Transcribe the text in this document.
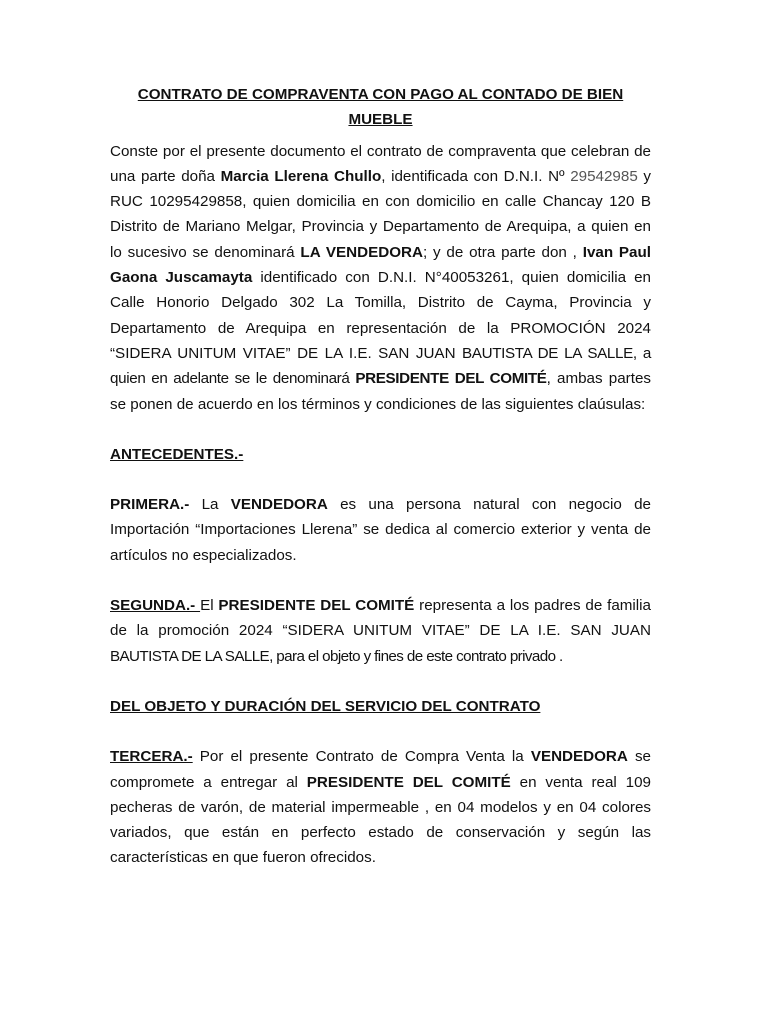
CONTRATO DE COMPRAVENTA CON PAGO AL CONTADO DE BIEN
MUEBLE

Conste por el presente documento el contrato de compraventa que celebran de una parte doña Marcia Llerena Chullo, identificada con D.N.I. Nº 29542985 y RUC 10295429858, quien domicilia en con domicilio en calle Chancay 120 B Distrito de Mariano Melgar, Provincia y Departamento de Arequipa, a quien en lo sucesivo se denominará LA VENDEDORA; y de otra parte don , Ivan Paul Gaona Juscamayta identificado con D.N.I. N°40053261, quien domicilia en Calle Honorio Delgado 302 La Tomilla, Distrito de Cayma, Provincia y Departamento de Arequipa en representación de la PROMOCIÓN 2024 “SIDERA UNITUM VITAE” DE LA I.E. SAN JUAN BAUTISTA DE LA SALLE, a quien en adelante se le denominará PRESIDENTE DEL COMITÉ, ambas partes se ponen de acuerdo en los términos y condiciones de las siguientes claúsulas:

ANTECEDENTES.-

PRIMERA.- La VENDEDORA es una persona natural con negocio de Importación “Importaciones Llerena” se dedica al comercio exterior y venta de artículos no especializados.

SEGUNDA.- El PRESIDENTE DEL COMITÉ representa a los padres de familia de la promoción 2024 “SIDERA UNITUM VITAE” DE LA I.E. SAN JUAN BAUTISTA DE LA SALLE, para el objeto y fines de este contrato privado .

DEL OBJETO Y DURACIÓN DEL SERVICIO DEL CONTRATO

TERCERA.- Por el presente Contrato de Compra Venta la VENDEDORA se compromete a entregar al PRESIDENTE DEL COMITÉ en venta real 109 pecheras de varón, de material impermeable , en 04 modelos y en 04 colores variados, que están en perfecto estado de conservación y según las características en que fueron ofrecidos.
